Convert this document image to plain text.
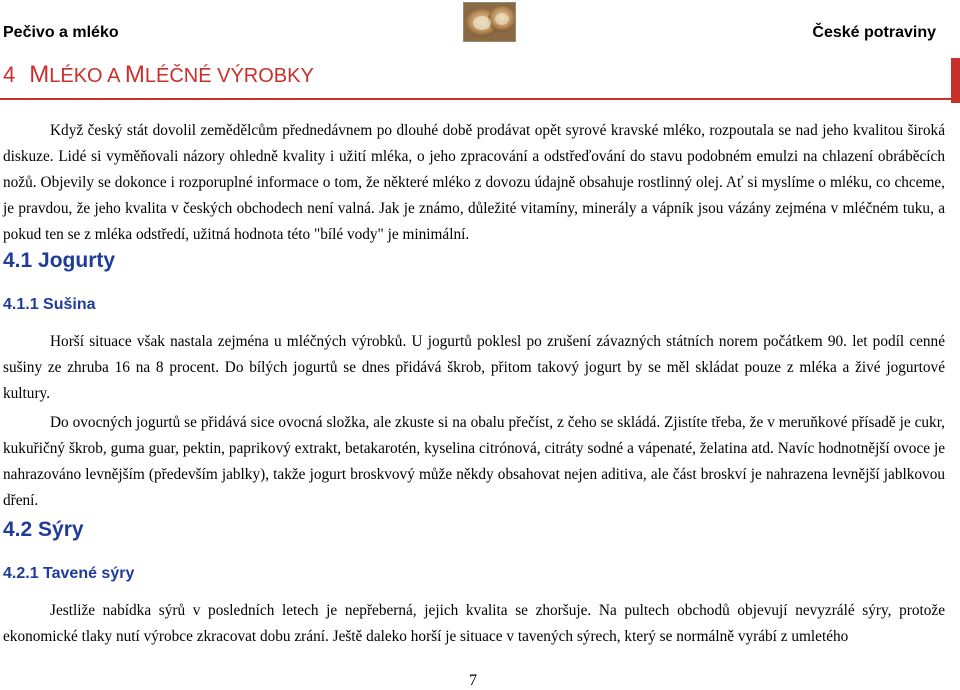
Pečivo a mléko	České potraviny
4 MLÉKO A MLÉČNÉ VÝROBKY

Když český stát dovolil zemědělcům přednedávnem po dlouhé době prodávat opět syrové kravské mléko, rozpoutala se nad jeho kvalitou široká diskuze. Lidé si vyměňovali názory ohledně kvality i užití mléka, o jeho zpracování a odstřeďování do stavu podobném emulzi na chlazení obráběcích nožů. Objevily se dokonce i rozporuplné informace o tom, že některé mléko z dovozu údajně obsahuje rostlinný olej. Ať si myslíme o mléku, co chceme, je pravdou, že jeho kvalita v českých obchodech není valná. Jak je známo, důležité vitamíny, minerály a vápník jsou vázány zejména v mléčném tuku, a pokud ten se z mléka odstředí, užitná hodnota této "bílé vody" je minimální.

4.1 Jogurty
4.1.1 Sušina

Horší situace však nastala zejména u mléčných výrobků. U jogurtů poklesl po zrušení závazných státních norem počátkem 90. let podíl cenné sušiny ze zhruba 16 na 8 procent. Do bílých jogurtů se dnes přidává škrob, přitom takový jogurt by se měl skládat pouze z mléka a živé jogurtové kultury.

Do ovocných jogurtů se přidává sice ovocná složka, ale zkuste si na obalu přečíst, z čeho se skládá. Zjistíte třeba, že v meruňkové přísadě je cukr, kukuřičný škrob, guma guar, pektin, paprikový extrakt, betakarotén, kyselina citrónová, citráty sodné a vápenaté, želatina atd. Navíc hodnotnější ovoce je nahrazováno levnějším (především jablky), takže jogurt broskvový může někdy obsahovat nejen aditiva, ale část broskví je nahrazena levnější jablkovou dření.

4.2 Sýry
4.2.1 Tavené sýry

Jestliže nabídka sýrů v posledních letech je nepřeberná, jejich kvalita se zhoršuje. Na pultech obchodů objevují nevyzrálé sýry, protože ekonomické tlaky nutí výrobce zkracovat dobu zrání. Ještě daleko horší je situace v tavených sýrech, který se normálně vyrábí z umletého

7
